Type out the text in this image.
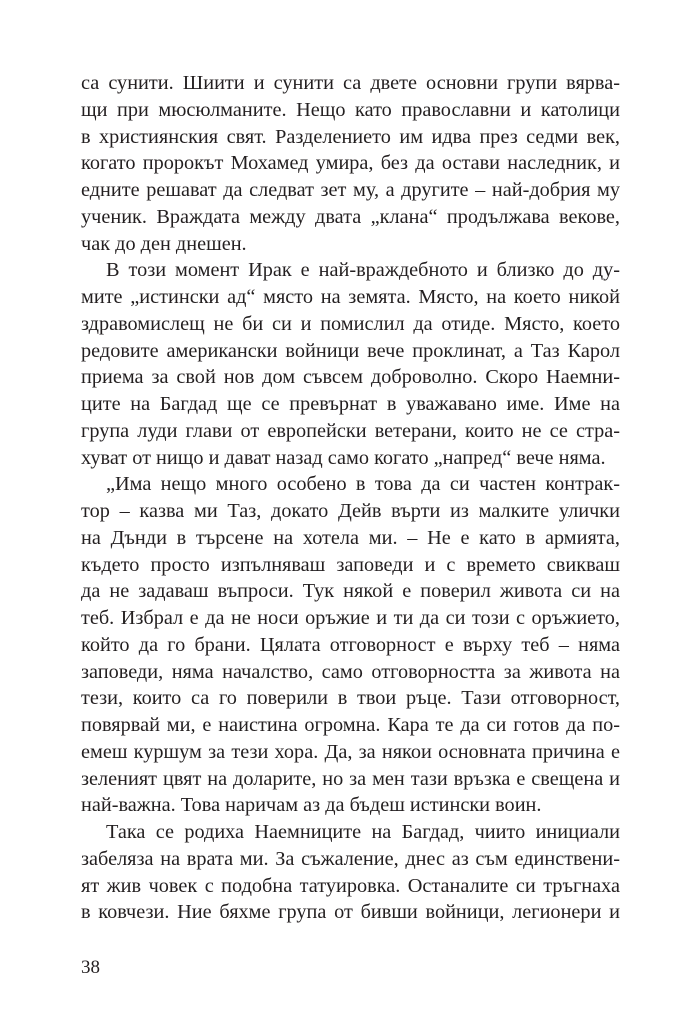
са сунити. Шиити и сунити са двете основни групи вярва-
щи при мюсюлманите. Нещо като православни и католици
в християнския свят. Разделението им идва през седми век,
когато пророкът Мохамед умира, без да остави наследник, и
едните решават да следват зет му, а другите – най-добрия му
ученик. Враждата между двата „клана“ продължава векове,
чак до ден днешен.
В този момент Ирак е най-враждебното и близко до ду-
мите „истински ад“ място на земята. Място, на което никой
здравомислещ не би си и помислил да отиде. Място, което
редовите американски войници вече проклинат, а Таз Карол
приема за свой нов дом съвсем доброволно. Скоро Наемни-
ците на Багдад ще се превърнат в уважавано име. Име на
група луди глави от европейски ветерани, които не се стра-
хуват от нищо и дават назад само когато „напред“ вече няма.
„Има нещо много особено в това да си частен контрак-
тор – казва ми Таз, докато Дейв върти из малките улички
на Дънди в търсене на хотела ми. – Не е като в армията,
където просто изпълняваш заповеди и с времето свикваш
да не задаваш въпроси. Тук някой е поверил живота си на
теб. Избрал е да не носи оръжие и ти да си този с оръжието,
който да го брани. Цялата отговорност е върху теб – няма
заповеди, няма началство, само отговорността за живота на
тези, които са го поверили в твои ръце. Тази отговорност,
повярвай ми, е наистина огромна. Кара те да си готов да по-
емеш куршум за тези хора. Да, за някои основната причина е
зеленият цвят на доларите, но за мен тази връзка е свещена и
най-важна. Това наричам аз да бъдеш истински воин.
Така се родиха Наемниците на Багдад, чиито инициали
забеляза на врата ми. За съжаление, днес аз съм единствени-
ят жив човек с подобна татуировка. Останалите си тръгнаха
в ковчези. Ние бяхме група от бивши войници, легионери и
38
